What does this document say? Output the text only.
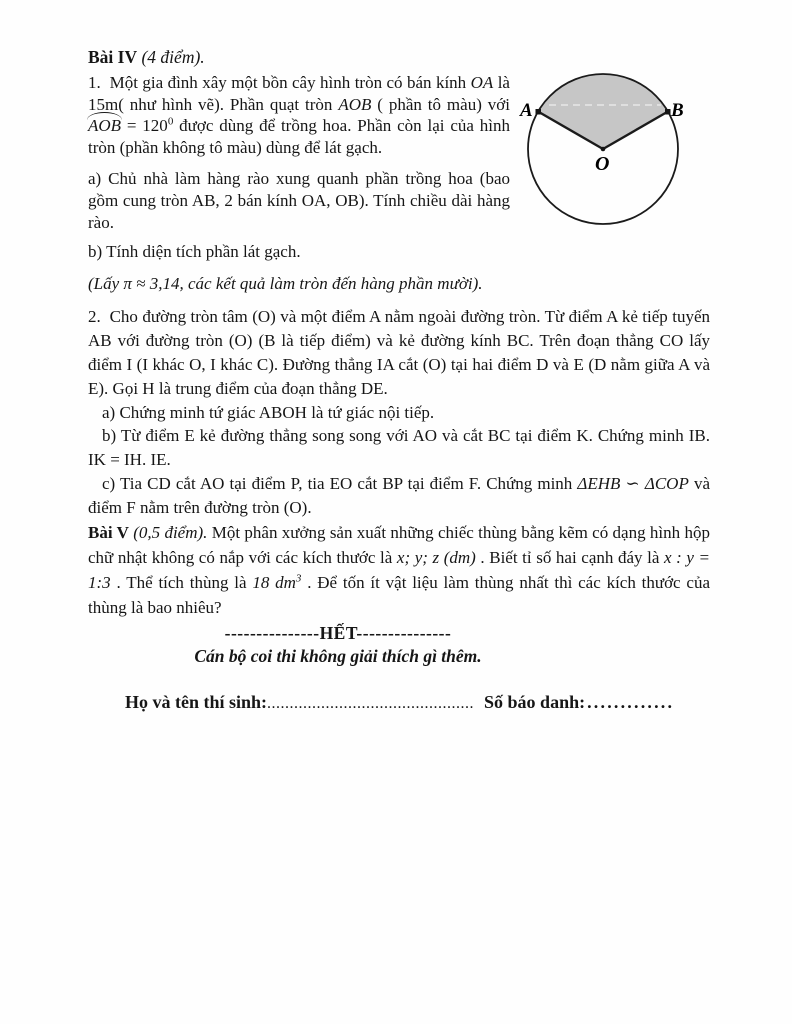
Bài IV (4 điểm).

1.  Một gia đình xây một bồn cây hình tròn có bán kính OA là 15m( như hình vẽ). Phần quạt tròn AOB ( phần tô màu) với AOB = $120^0$ được dùng để trồng hoa. Phần còn lại của hình tròn (phần không tô màu) dùng để lát gạch.

a) Chủ nhà làm hàng rào xung quanh phần trồng hoa (bao gồm cung tròn AB, 2 bán kính OA, OB). Tính chiều dài hàng rào.

b) Tính diện tích phần lát gạch.

(Lấy π ≈ 3,14, các kết quả làm tròn đến hàng phần mười).

A	B
O

2.  Cho đường tròn tâm (O) và một điểm A nằm ngoài đường tròn. Từ điểm A kẻ tiếp tuyến AB với đường tròn (O) (B là tiếp điểm) và kẻ đường kính BC. Trên đoạn thẳng CO lấy điểm I (I khác O, I khác C). Đường thẳng IA cắt (O) tại hai điểm D và E (D nằm giữa A và E). Gọi H là trung điểm của đoạn thẳng DE.

a) Chứng minh tứ giác ABOH là tứ giác nội tiếp.

b) Từ điểm E kẻ đường thẳng song song với AO và cắt BC tại điểm K. Chứng minh IB. IK = IH. IE.

c) Tia CD cắt AO tại điểm P, tia EO cắt BP tại điểm F. Chứng minh ΔEHB ∽ ΔCOP và điểm F nằm trên đường tròn (O).

Bài V (0,5 điểm). Một phân xưởng sản xuất những chiếc thùng bằng kẽm có dạng hình hộp chữ nhật không có nắp với các kích thước là x; y; z (dm) . Biết tỉ số hai cạnh đáy là x : y = 1:3 . Thể tích thùng là 18 $dm^3$ . Để tốn ít vật liệu làm thùng nhất thì các kích thước của thùng là bao nhiêu?

---------------HẾT---------------
Cán bộ coi thi không giải thích gì thêm.
Họ và tên thí sinh:.............................................. Số báo danh: .............
